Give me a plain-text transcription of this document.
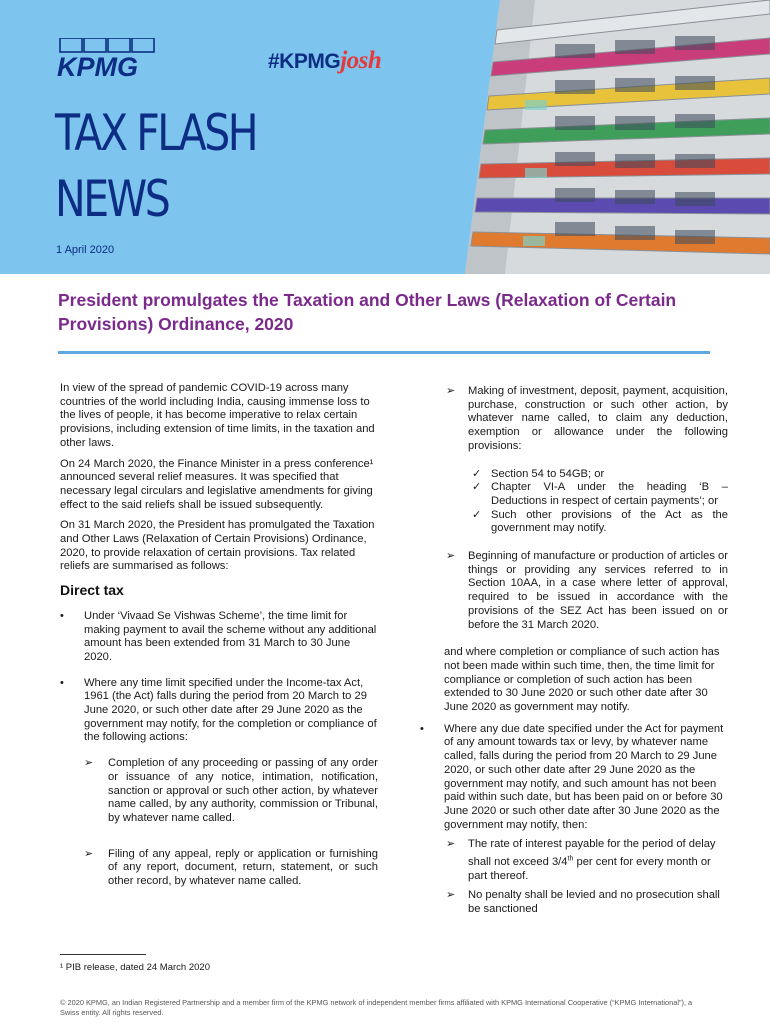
KPMG	#KPMGjosh
TAX FLASH
NEWS
1 April 2020
President promulgates the Taxation and Other Laws (Relaxation of Certain Provisions) Ordinance, 2020

In view of the spread of pandemic COVID-19 across many countries of the world including India, causing immense loss to the lives of people, it has become imperative to relax certain provisions, including extension of time limits, in the taxation and other laws.

On 24 March 2020, the Finance Minister in a press conference¹ announced several relief measures. It was specified that necessary legal circulars and legislative amendments for giving effect to the said reliefs shall be issued subsequently.

On 31 March 2020, the President has promulgated the Taxation and Other Laws (Relaxation of Certain Provisions) Ordinance, 2020, to provide relaxation of certain provisions. Tax related reliefs are summarised as follows:

Direct tax
• Under ‘Vivaad Se Vishwas Scheme’, the time limit for making payment to avail the scheme without any additional amount has been extended from 31 March to 30 June 2020.
• Where any time limit specified under the Income-tax Act, 1961 (the Act) falls during the period from 20 March to 29 June 2020, or such other date after 29 June 2020 as the government may notify, for the completion or compliance of the following actions:
➢ Completion of any proceeding or passing of any order or issuance of any notice, intimation, notification, sanction or approval or such other action, by whatever name called, by any authority, commission or Tribunal, by whatever name called.
➢ Filing of any appeal, reply or application or furnishing of any report, document, return, statement, or such other record, by whatever name called.
➢ Making of investment, deposit, payment, acquisition, purchase, construction or such other action, by whatever name called, to claim any deduction, exemption or allowance under the following provisions:
✓ Section 54 to 54GB; or
✓ Chapter VI-A under the heading ‘B – Deductions in respect of certain payments’; or
✓ Such other provisions of the Act as the government may notify.
➢ Beginning of manufacture or production of articles or things or providing any services referred to in Section 10AA, in a case where letter of approval, required to be issued in accordance with the provisions of the SEZ Act has been issued on or before the 31 March 2020.

and where completion or compliance of such action has not been made within such time, then, the time limit for compliance or completion of such action has been extended to 30 June 2020 or such other date after 30 June 2020 as government may notify.

• Where any due date specified under the Act for payment of any amount towards tax or levy, by whatever name called, falls during the period from 20 March to 29 June 2020, or such other date after 29 June 2020 as the government may notify, and such amount has not been paid within such date, but has been paid on or before 30 June 2020 or such other date after 30 June 2020 as the government may notify, then:
➢ The rate of interest payable for the period of delay shall not exceed 3/4th per cent for every month or part thereof.
➢ No penalty shall be levied and no prosecution shall be sanctioned
¹ PIB release, dated 24 March 2020
© 2020 KPMG, an Indian Registered Partnership and a member firm of the KPMG network of independent member firms affiliated with KPMG International Cooperative (“KPMG International”), a Swiss entity. All rights reserved.
